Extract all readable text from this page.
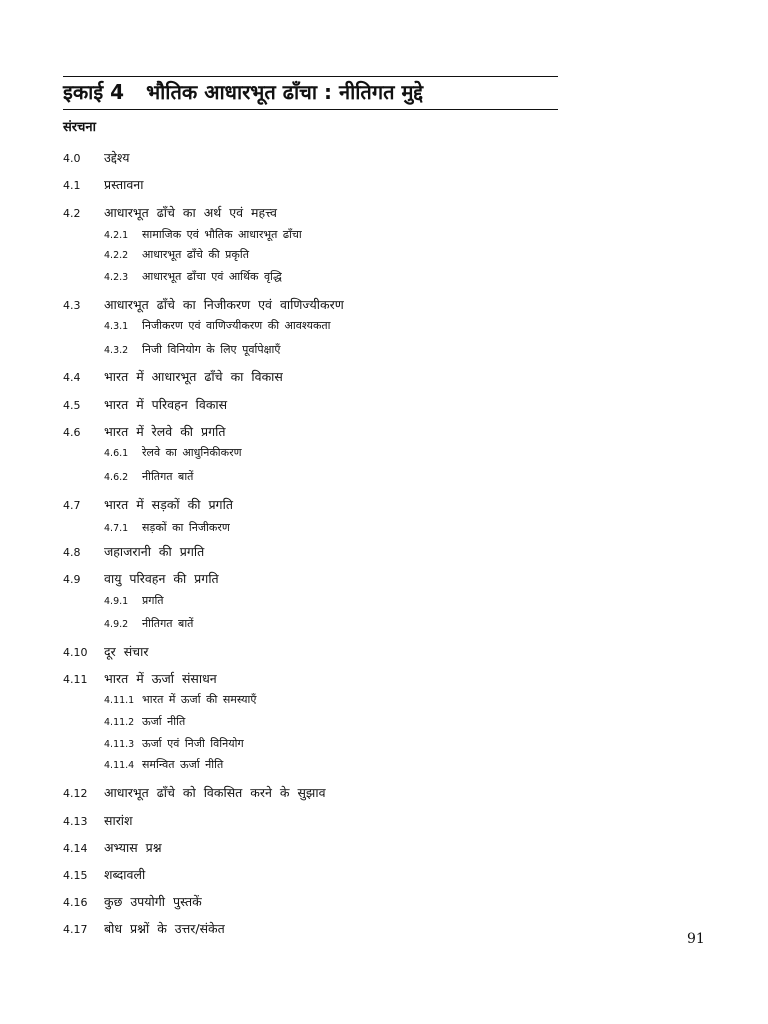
इकाई 4 भौतिक आधारभूत ढाँचा : नीतिगत मुद्दे
संरचना
4.0 उद्देश्य
4.1 प्रस्तावना
4.2 आधारभूत ढाँचे का अर्थ एवं महत्त्व
4.2.1 सामाजिक एवं भौतिक आधारभूत ढाँचा
4.2.2 आधारभूत ढाँचे की प्रकृति
4.2.3 आधारभूत ढाँचा एवं आर्थिक वृद्धि
4.3 आधारभूत ढाँचे का निजीकरण एवं वाणिज्यीकरण
4.3.1 निजीकरण एवं वाणिज्यीकरण की आवश्यकता
4.3.2 निजी विनियोग के लिए पूर्वापेक्षाएँ
4.4 भारत में आधारभूत ढाँचे का विकास
4.5 भारत में परिवहन विकास
4.6 भारत में रेलवे की प्रगति
4.6.1 रेलवे का आधुनिकीकरण
4.6.2 नीतिगत बातें
4.7 भारत में सड़कों की प्रगति
4.7.1 सड़कों का निजीकरण
4.8 जहाजरानी की प्रगति
4.9 वायु परिवहन की प्रगति
4.9.1 प्रगति
4.9.2 नीतिगत बातें
4.10 दूर संचार
4.11 भारत में ऊर्जा संसाधन
4.11.1 भारत में ऊर्जा की समस्याएँ
4.11.2 ऊर्जा नीति
4.11.3 ऊर्जा एवं निजी विनियोग
4.11.4 समन्वित ऊर्जा नीति
4.12 आधारभूत ढाँचे को विकसित करने के सुझाव
4.13 सारांश
4.14 अभ्यास प्रश्न
4.15 शब्दावली
4.16 कुछ उपयोगी पुस्तकें
4.17 बोध प्रश्नों के उत्तर/संकेत
91
